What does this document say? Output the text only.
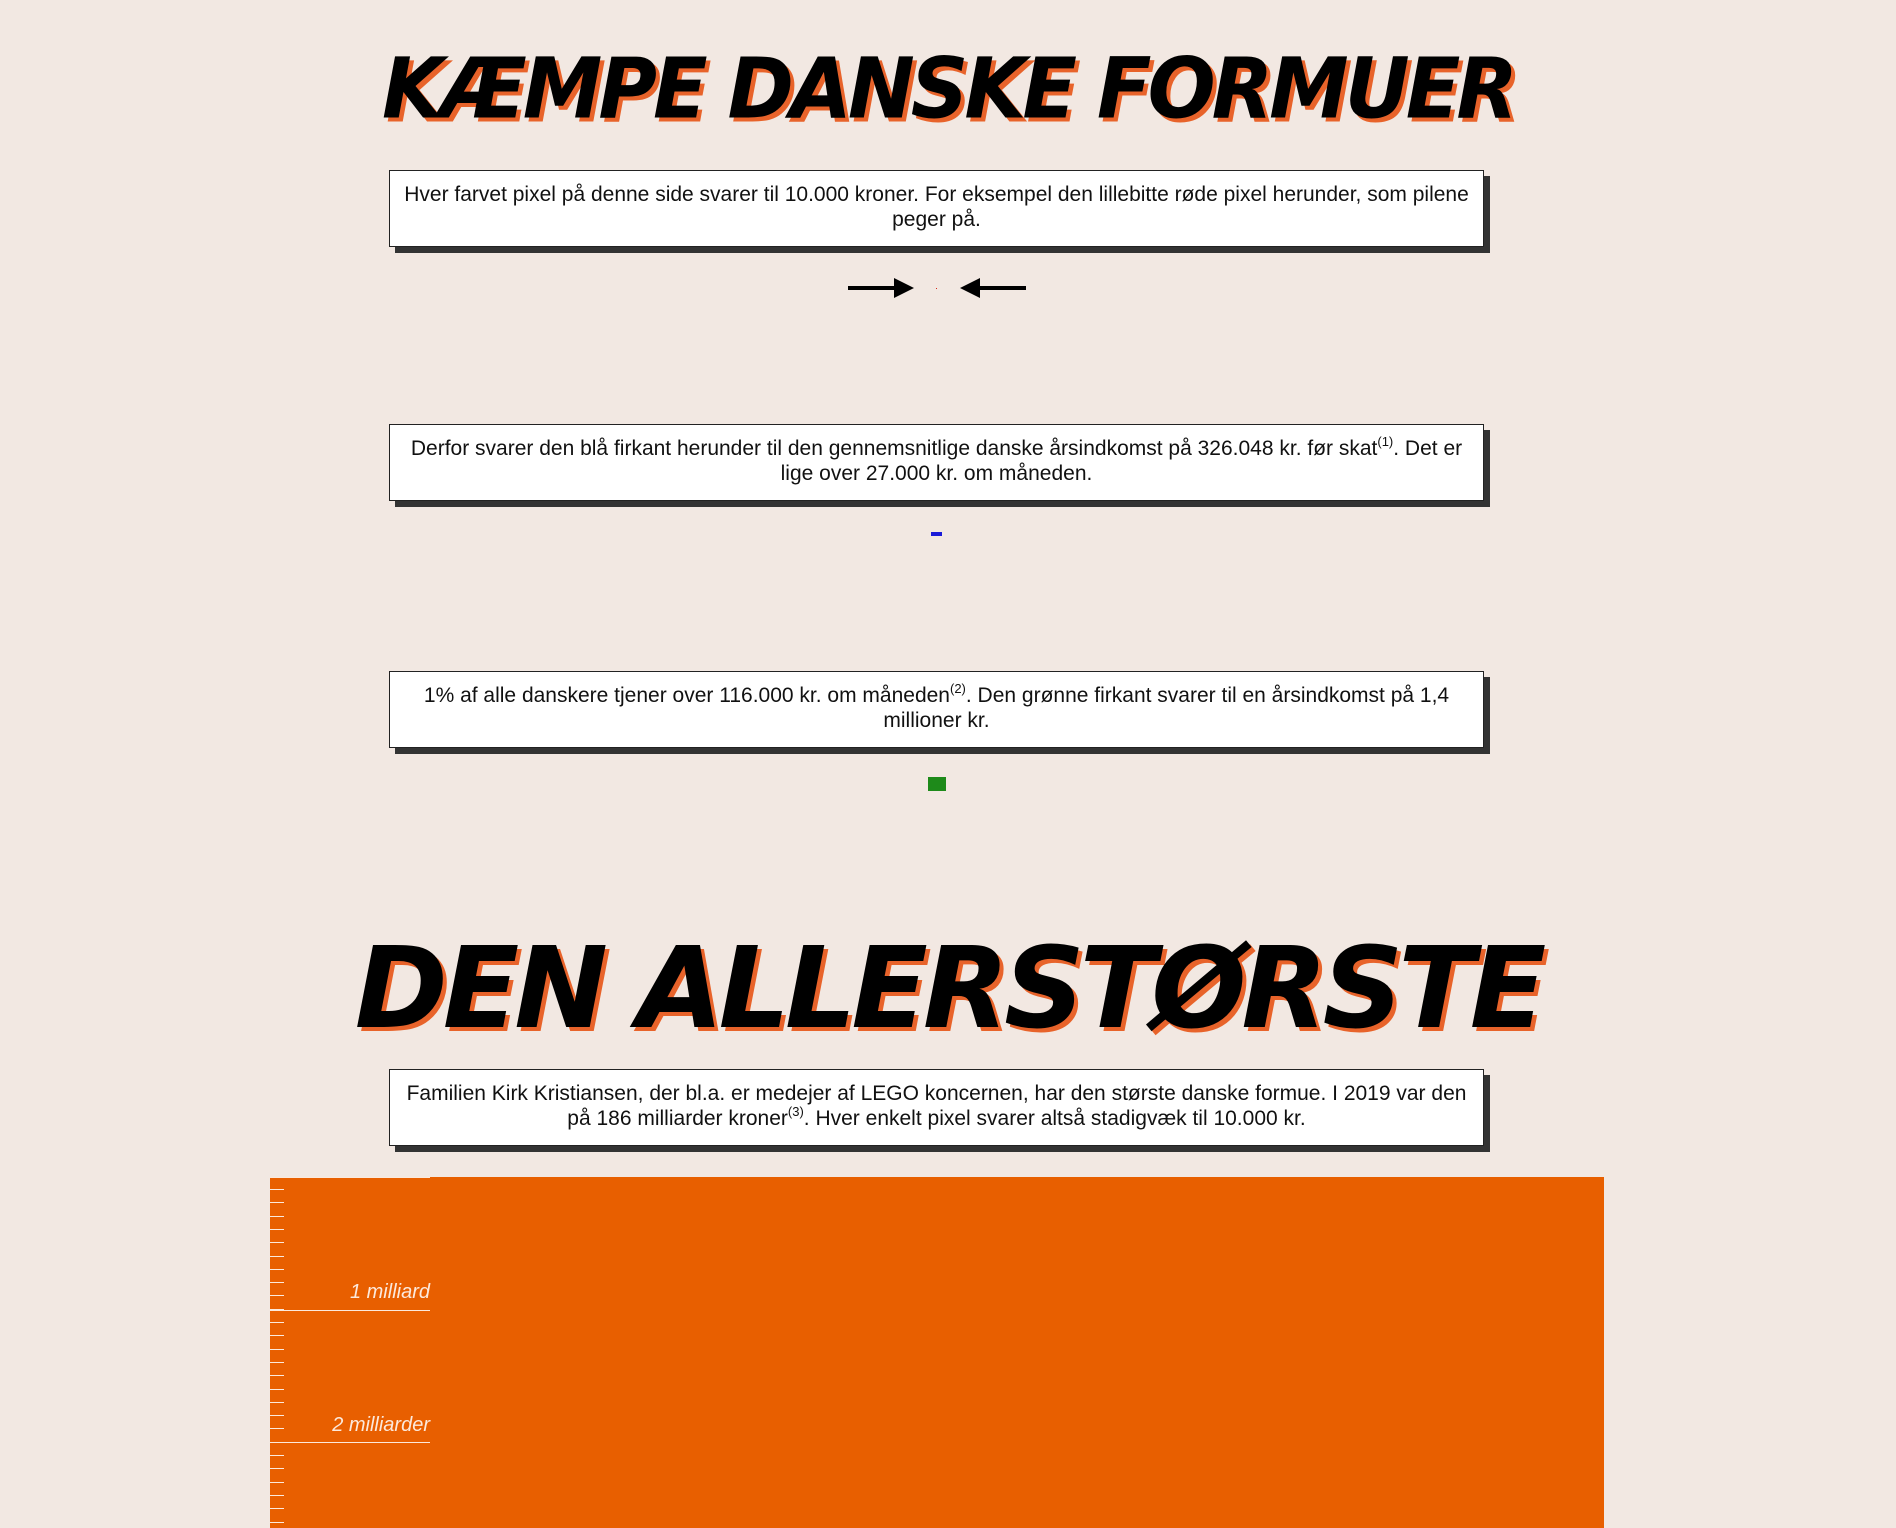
KÆMPE DANSKE FORMUER
Hver farvet pixel på denne side svarer til 10.000 kroner. For eksempel den lillebitte røde pixel herunder, som pilene peger på.
Derfor svarer den blå firkant herunder til den gennemsnitlige danske årsindkomst på 326.048 kr. før skat$^{(1)}$. Det er lige over 27.000 kr. om måneden.
1% af alle danskere tjener over 116.000 kr. om måneden$^{(2)}$. Den grønne firkant svarer til en årsindkomst på 1,4 millioner kr.
DEN ALLERSTØRSTE
Familien Kirk Kristiansen, der bl.a. er medejer af LEGO koncernen, har den største danske formue. I 2019 var den på 186 milliarder kroner$^{(3)}$. Hver enkelt pixel svarer altså stadigvæk til 10.000 kr.
1 milliard
2 milliarder
